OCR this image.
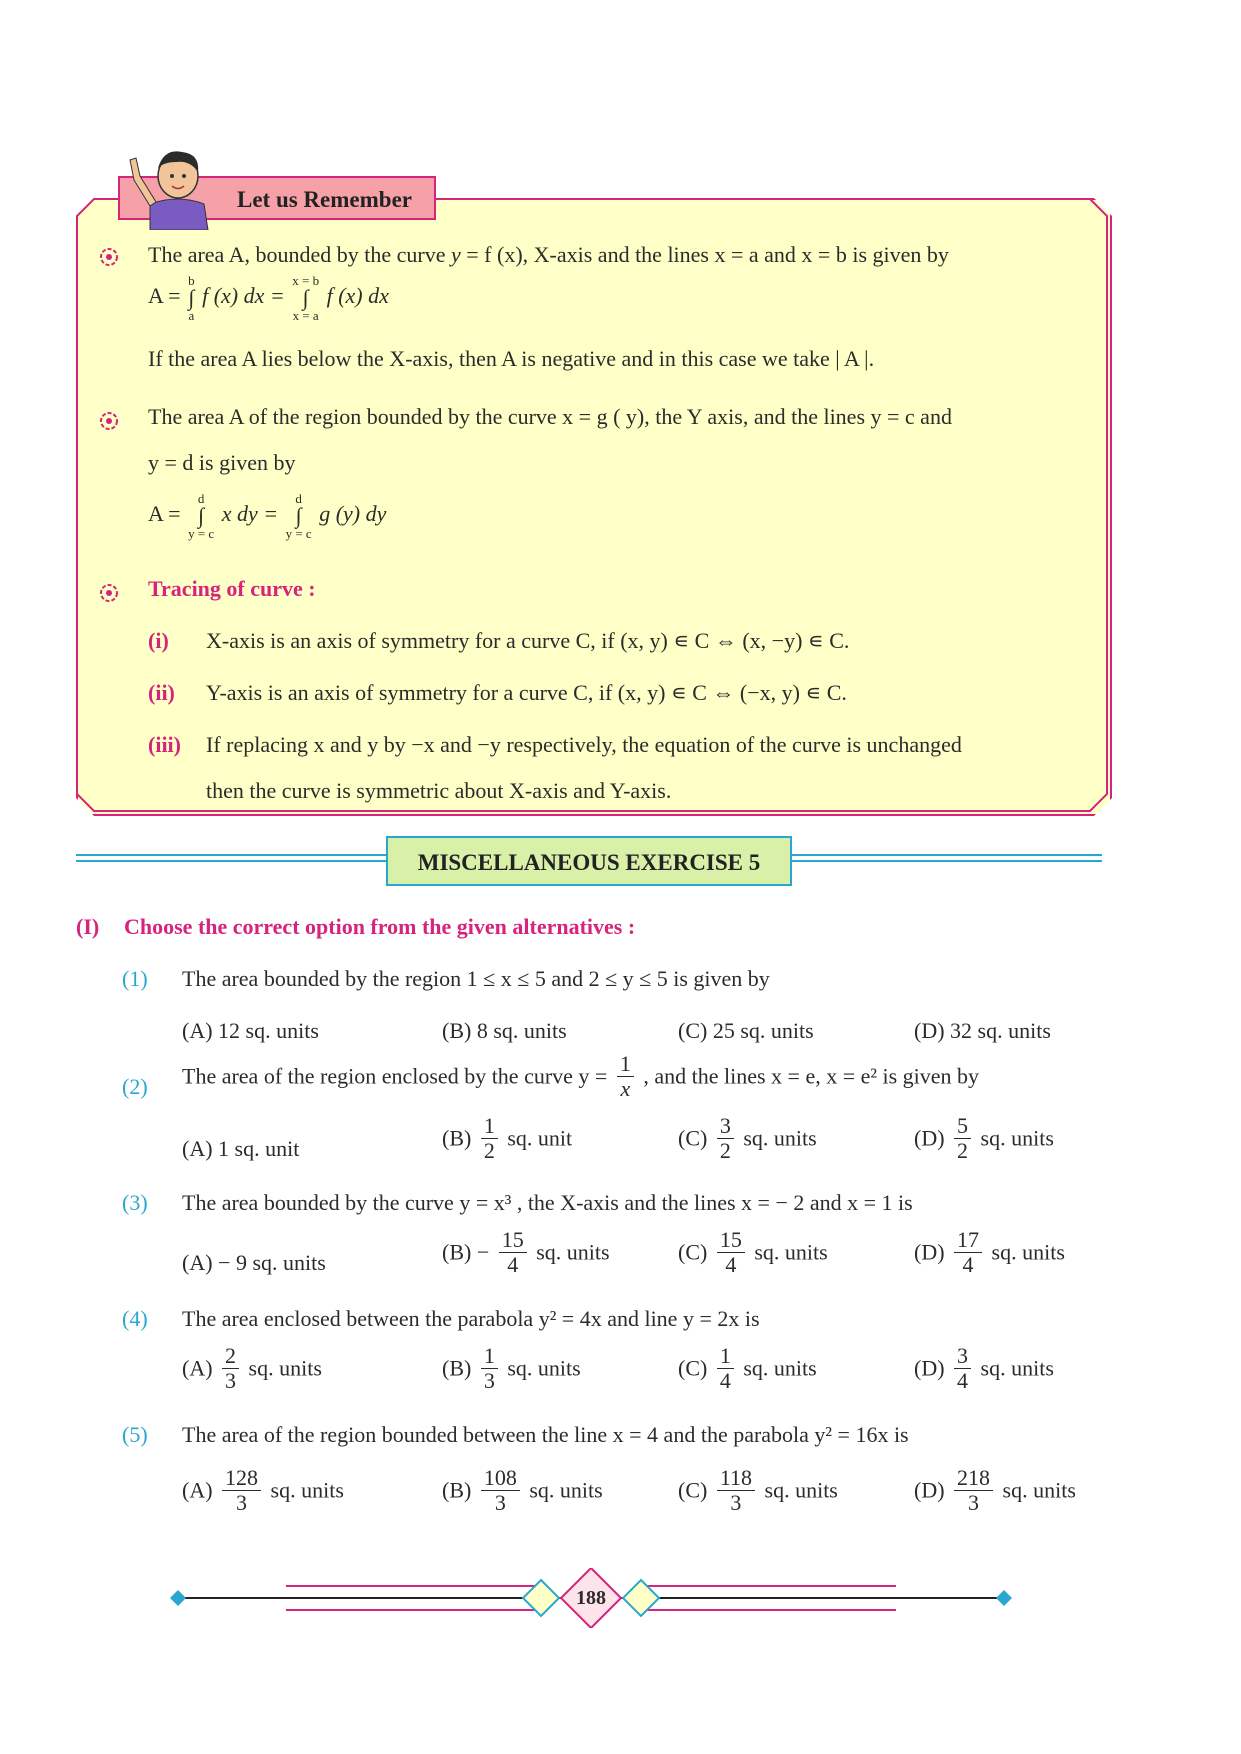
Let us Remember
The area A, bounded by the curve y = f (x), X-axis and the lines x = a and x = b is given by
A = b
∫
a f (x) dx = x = b
∫
x = a f (x) dx
If the area A lies below the X-axis, then A is negative and in this case we take | A |.
The area A of the region bounded by the curve x = g ( y), the Y axis, and the lines y = c and
y = d is given by
A = d
∫
y = c x dy = d
∫
y = c g (y) dy
Tracing of curve :
(i) X-axis is an axis of symmetry for a curve C, if (x, y) ∊ C ⇔ (x, −y) ∊ C.
(ii) Y-axis is an axis of symmetry for a curve C, if (x, y) ∊ C ⇔ (−x, y) ∊ C.
(iii) If replacing x and y by −x and −y respectively, the equation of the curve is unchanged
then the curve is symmetric about X-axis and Y-axis.
MISCELLANEOUS EXERCISE 5
(I) Choose the correct option from the given alternatives :
(1) The area bounded by the region 1 ≤ x ≤ 5 and 2 ≤ y ≤ 5 is given by
(A) 12 sq. units	(B) 8 sq. units	(C) 25 sq. units	(D) 32 sq. units
(2) The area of the region enclosed by the curve $y = \frac{1}{x}$ , and the lines x = e, x = e² is given by
(A) 1 sq. unit	$(B) \frac{1}{2}$ sq. unit	$(C) \frac{3}{2}$ sq. units	$(D) \frac{5}{2}$ sq. units
(3) The area bounded by the curve y = x³ , the X-axis and the lines x = − 2 and x = 1 is
(A) − 9 sq. units	$(B) - \frac{15}{4}$ sq. units	$(C) \frac{15}{4}$ sq. units	$(D) \frac{17}{4}$ sq. units
(4) The area enclosed between the parabola y² = 4x and line y = 2x is
$(A) \frac{2}{3}$ sq. units	$(B) \frac{1}{3}$ sq. units	$(C) \frac{1}{4}$ sq. units	$(D) \frac{3}{4}$ sq. units
(5) The area of the region bounded between the line x = 4 and the parabola y² = 16x is
$(A) \frac{128}{3}$ sq. units	$(B) \frac{108}{3}$ sq. units	$(C) \frac{118}{3}$ sq. units	$(D) \frac{218}{3}$ sq. units
188
